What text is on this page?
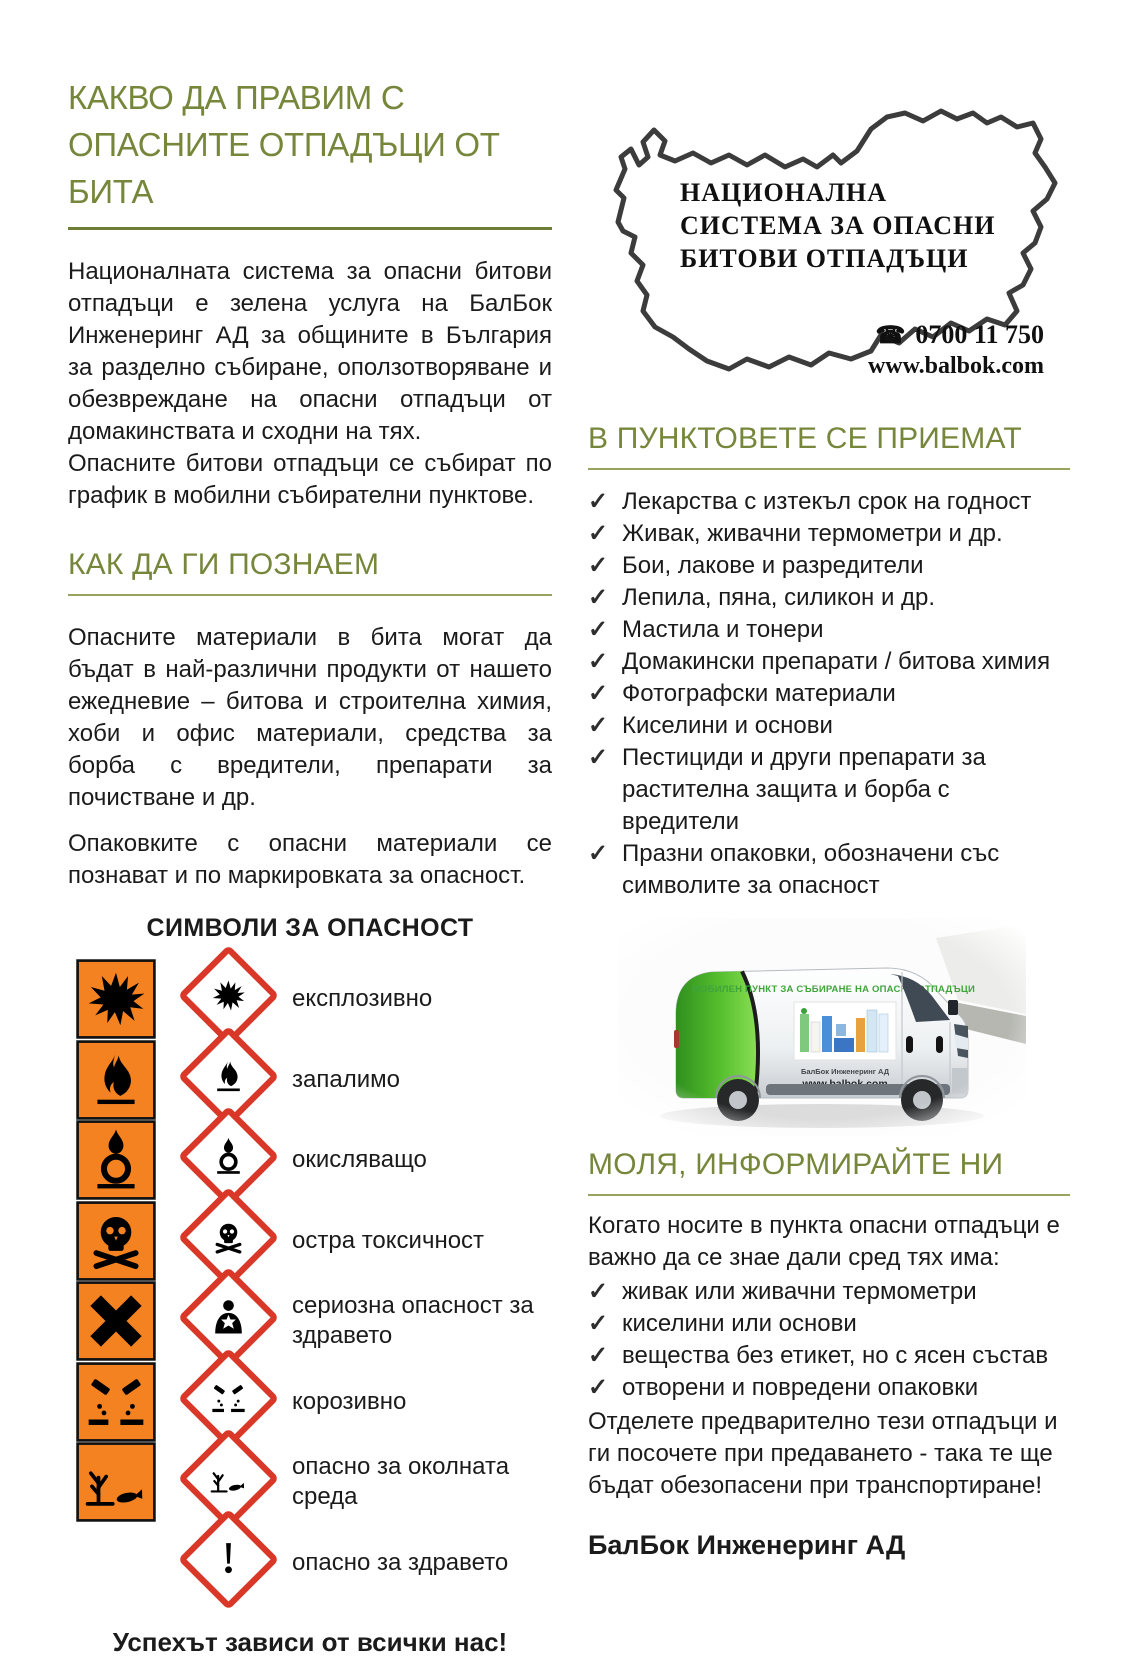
КАКВО ДА ПРАВИМ С
ОПАСНИТЕ ОТПАДЪЦИ ОТ БИТА

Националната система за опасни битови отпадъци е зелена услуга на БалБок Инженеринг АД за общините в България за разделно събиране, оползотворяване и обезвреждане на опасни отпадъци от домакинствата и сходни на тях.

Опасните битови отпадъци се събират по график в мобилни събирателни пунктове.

КАК ДА ГИ ПОЗНАЕМ

Опасните материали в бита могат да бъдат в най-различни продукти от нашето ежедневие – битова и строителна химия, хоби и офис материали, средства за борба с вредители, препарати за почистване и др.

Опаковките с опасни материали се познават и по маркировката за опасност.

СИМВОЛИ ЗА ОПАСНОСТ
експлозивно
запалимо
окисляващо
остра токсичност
сериозна опасност за здравето
корозивно
опасно за околната среда
опасно за здравето
Успехът зависи от всички нас!
НАЦИОНАЛНА
СИСТЕМА ЗА ОПАСНИ
БИТОВИ ОТПАДЪЦИ
☎ 0700 11 750
www.balbok.com
В ПУНКТОВЕТЕ СЕ ПРИЕМАТ
✓ Лекарства с изтекъл срок на годност
✓ Живак, живачни термометри и др.
✓ Бои, лакове и разредители
✓ Лепила, пяна, силикон и др.
✓ Мастила и тонери
✓ Домакински препарати / битова химия
✓ Фотографски материали
✓ Киселини и основи
✓ Пестициди и други препарати за растителна защита и борба с вредители
✓ Празни опаковки, обозначени със символите за опасност
МОЛЯ, ИНФОРМИРАЙТЕ НИ

Когато носите в пункта опасни отпадъци е важно да се знае дали сред тях има:

✓ живак или живачни термометри
✓ киселини или основи
✓ вещества без етикет, но с ясен състав
✓ отворени и повредени опаковки

Отделете предварително тези отпадъци и ги посочете при предаването - така те ще бъдат обезопасени при транспортиране!

БалБок Инженеринг АД
